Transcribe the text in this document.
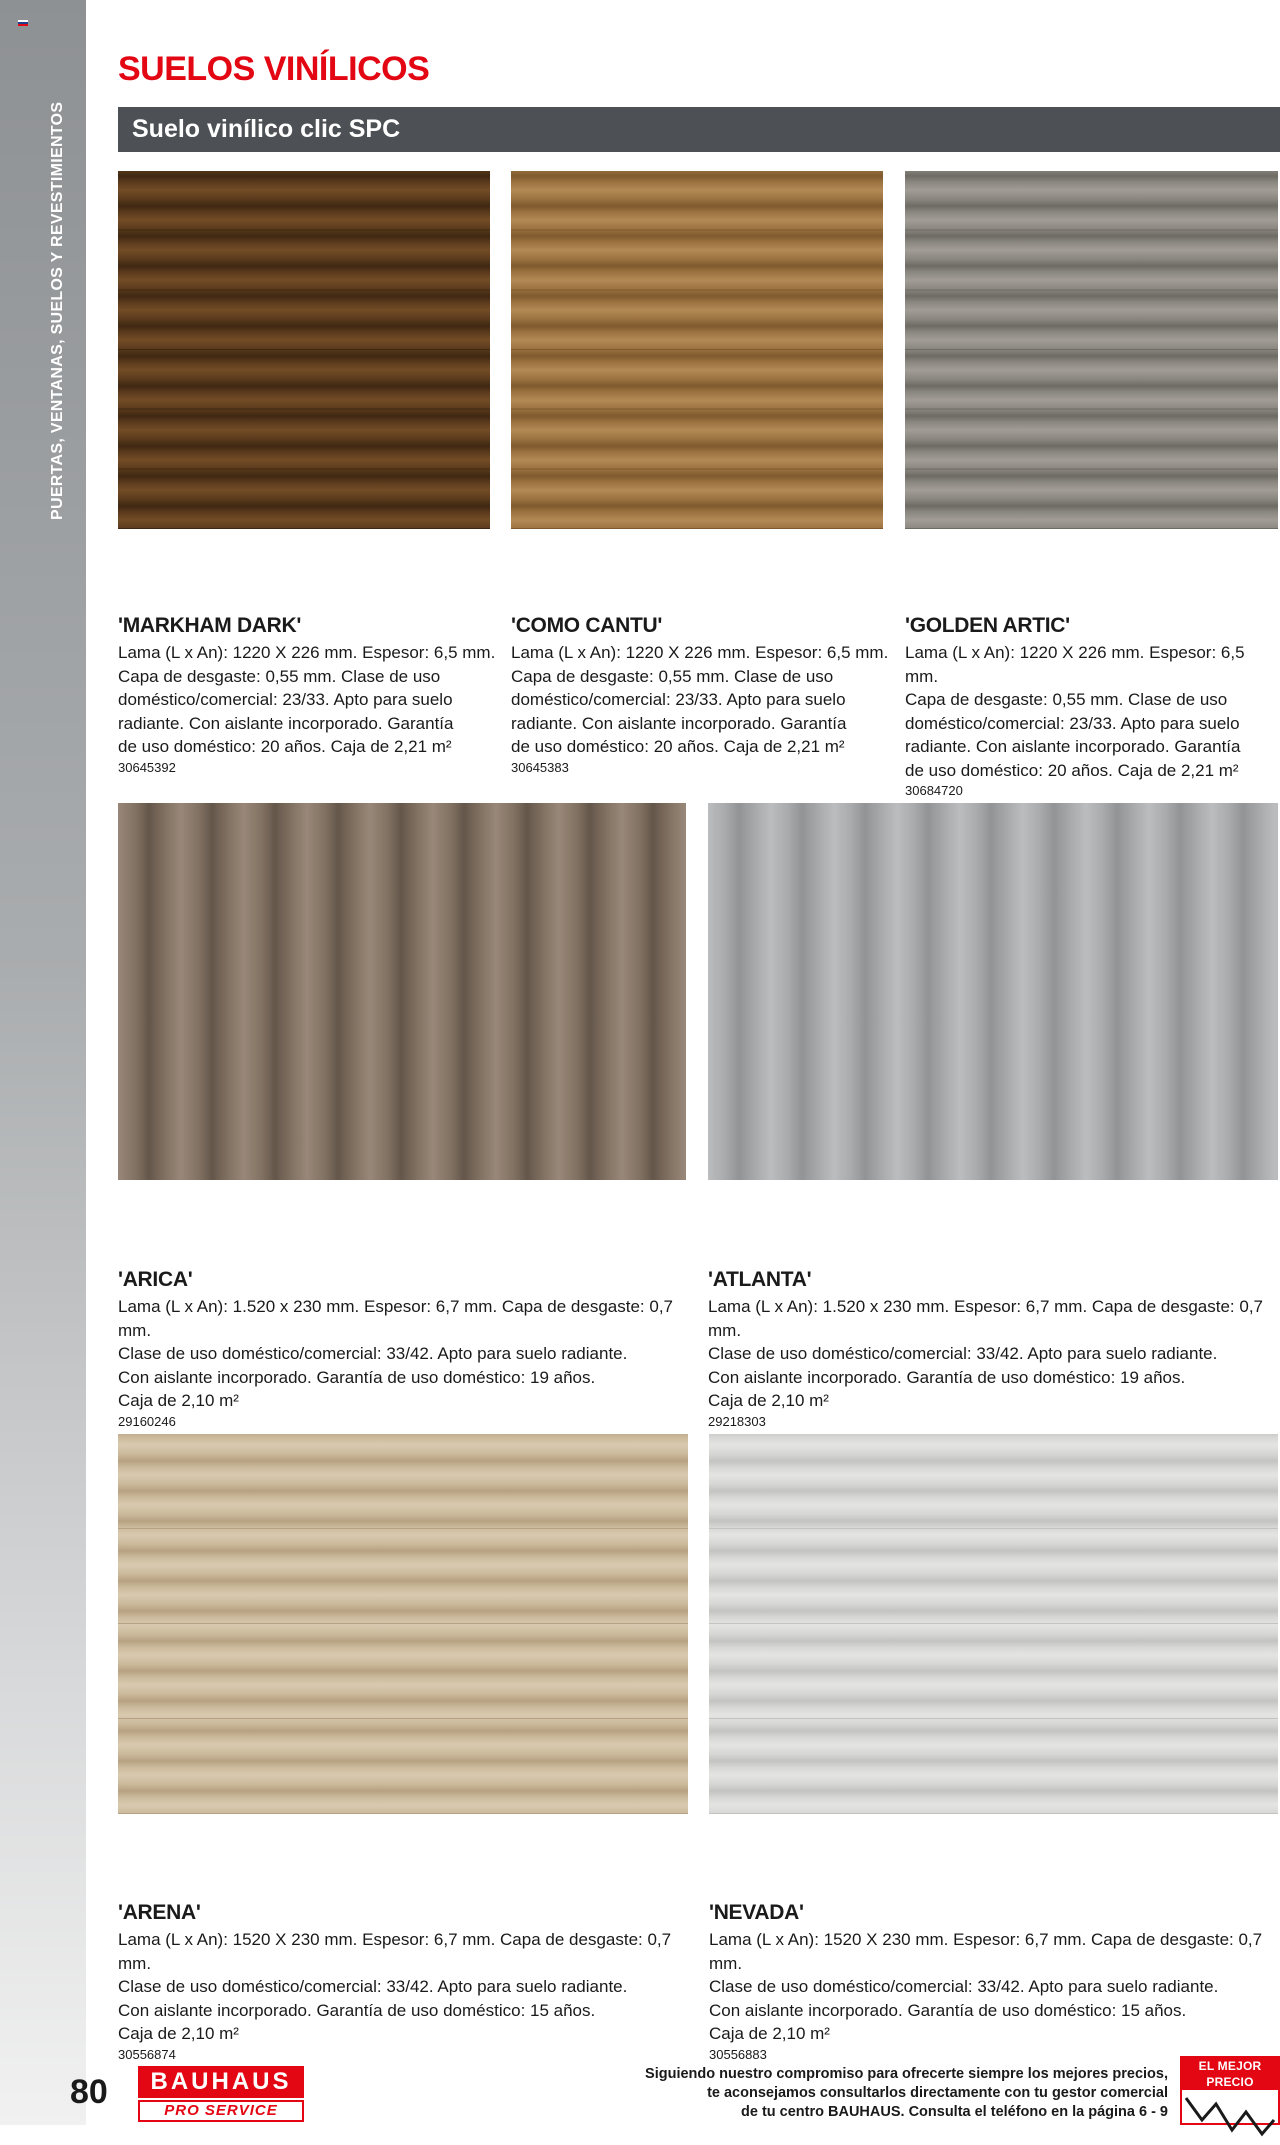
PUERTAS, VENTANAS, SUELOS Y REVESTIMIENTOS
SUELOS VINÍLICOS
Suelo vinílico clic SPC

'MARKHAM DARK'

Lama (L x An): 1220 X 226 mm. Espesor: 6,5 mm.
Capa de desgaste: 0,55 mm. Clase de uso
doméstico/comercial: 23/33. Apto para suelo
radiante. Con aislante incorporado. Garantía
de uso doméstico: 20 años. Caja de 2,21 m²

30645392

'COMO CANTU'

Lama (L x An): 1220 X 226 mm. Espesor: 6,5 mm.
Capa de desgaste: 0,55 mm. Clase de uso
doméstico/comercial: 23/33. Apto para suelo
radiante. Con aislante incorporado. Garantía
de uso doméstico: 20 años. Caja de 2,21 m²

30645383

'GOLDEN ARTIC'

Lama (L x An): 1220 X 226 mm. Espesor: 6,5 mm.
Capa de desgaste: 0,55 mm. Clase de uso
doméstico/comercial: 23/33. Apto para suelo
radiante. Con aislante incorporado. Garantía
de uso doméstico: 20 años. Caja de 2,21 m²

30684720

'ARICA'

Lama (L x An): 1.520 x 230 mm. Espesor: 6,7 mm. Capa de desgaste: 0,7 mm.
Clase de uso doméstico/comercial: 33/42. Apto para suelo radiante.
Con aislante incorporado. Garantía de uso doméstico: 19 años.
Caja de 2,10 m²

29160246

'ATLANTA'

Lama (L x An): 1.520 x 230 mm. Espesor: 6,7 mm. Capa de desgaste: 0,7 mm.
Clase de uso doméstico/comercial: 33/42. Apto para suelo radiante.
Con aislante incorporado. Garantía de uso doméstico: 19 años.
Caja de 2,10 m²

29218303

'ARENA'

Lama (L x An): 1520 X 230 mm. Espesor: 6,7 mm. Capa de desgaste: 0,7 mm.
Clase de uso doméstico/comercial: 33/42. Apto para suelo radiante.
Con aislante incorporado. Garantía de uso doméstico: 15 años.
Caja de 2,10 m²

30556874

'NEVADA'

Lama (L x An): 1520 X 230 mm. Espesor: 6,7 mm. Capa de desgaste: 0,7 mm.
Clase de uso doméstico/comercial: 33/42. Apto para suelo radiante.
Con aislante incorporado. Garantía de uso doméstico: 15 años.
Caja de 2,10 m²

30556883
80	BAUHAUS
PRO SERVICE
Siguiendo nuestro compromiso para ofrecerte siempre los mejores precios,
te aconsejamos consultarlos directamente con tu gestor comercial
de tu centro BAUHAUS. Consulta el teléfono en la página 6 - 9
EL MEJOR PRECIO
